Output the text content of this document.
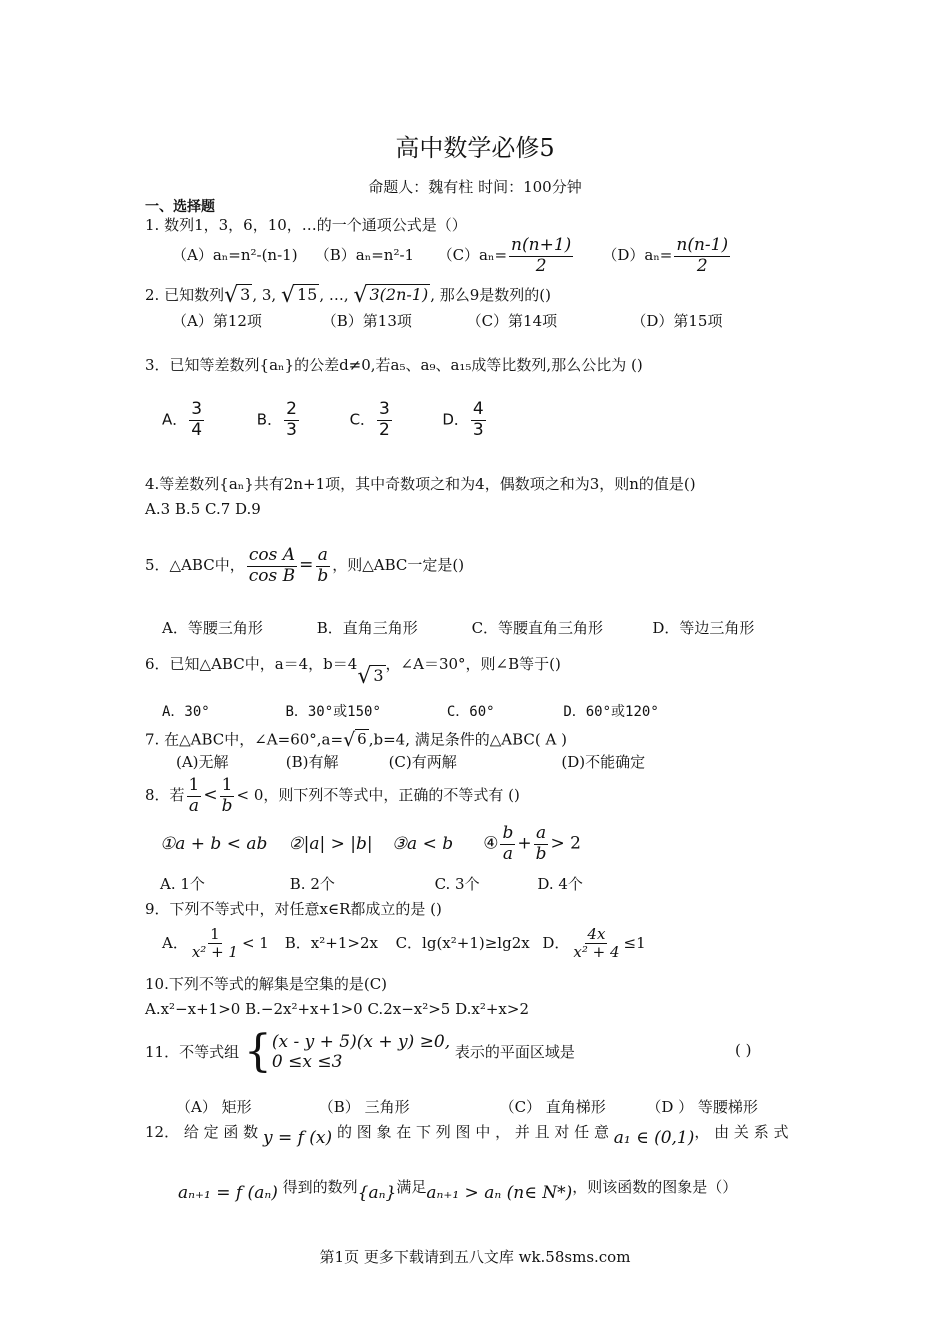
高中数学必修5
命题人：魏有柱 时间：100分钟
一、选择题
1. 数列1，3，6，10，…的一个通项公式是（）
（A）aₙ=n²-(n-1) （B）aₙ=n²-1 $(C)a_n= \frac{n(n+1)}{2} (D)a_n= \frac{n(n-1)}{2}$
2. 已知数列√ 3 , 3, √ 15 , …, √ 3(2n-1) , 那么9是数列的()
（A）第12项	（B）第13项	（C）第14项	（D）第15项
3．已知等差数列{aₙ}的公差d≠0,若a₅、a₉、a₁₅成等比数列,那么公比为 ()
A． $\frac{3}{4}$	B． $\frac{2}{3}$	C． $\frac{3}{2}$	D． $\frac{4}{3}$
4.等差数列{aₙ}共有2n+1项，其中奇数项之和为4，偶数项之和为3，则n的值是()
A.3 B.5 C.7 D.9
5．△ABC中， $\frac{\text{cos A}}{\text{cos B}} = \frac{a}{b}$ ，则△ABC一定是()
A．等腰三角形	B．直角三角形	C．等腰直角三角形	D．等边三角形
6．已知△ABC中，a＝4，b＝4√ 3，∠A＝30°，则∠B等于()
A．30°	B．30°或150°	C．60°	D．60°或120°
7. 在△ABC中，∠A=60°,a=√ 6 ,b=4, 满足条件的△ABC( A )
(A)无解	(B)有解	(C)有两解	(D)不能确定
8．若 $\frac{1}{a} < \frac{1}{b} < 0$，则下列不等式中，正确的不等式有 ()
①a + b < ab ②|a| > |b| ③a < b ④ $\frac{b}{a} + \frac{a}{b} > 2$
A. 1个	B. 2个	C. 3个	D. 4个
9．下列不等式中，对任意x∈R都成立的是 ()
A． $\frac{1}{\text{x² + 1}} < 1$ B．x²+1>2x C．lg(x²+1)≥lg2x D． $\frac{4x}{\text{x² + 4}} \le 1$
10.下列不等式的解集是空集的是(C)
A.x²−x+1>0 B.−2x²+x+1>0 C.2x−x²>5 D.x²+x>2
11．不等式组 { (x - y + 5)(x + y) ≥0,
0 ≤x ≤3	表示的平面区域是	( )
（A） 矩形	（B） 三角形	（C） 直角梯形	（D ） 等腰梯形
12． 给 定 函 数 y = f (x) 的 图 象 在 下 列 图 中 ， 并 且 对 任 意 a₁ ∈ (0,1)， 由 关 系 式
aₙ₊₁ = f (aₙ) 得到的数列{aₙ}满足aₙ₊₁ > aₙ (n∈ N*)，则该函数的图象是（）
第1页 更多下载请到五八文库 wk.58sms.com
